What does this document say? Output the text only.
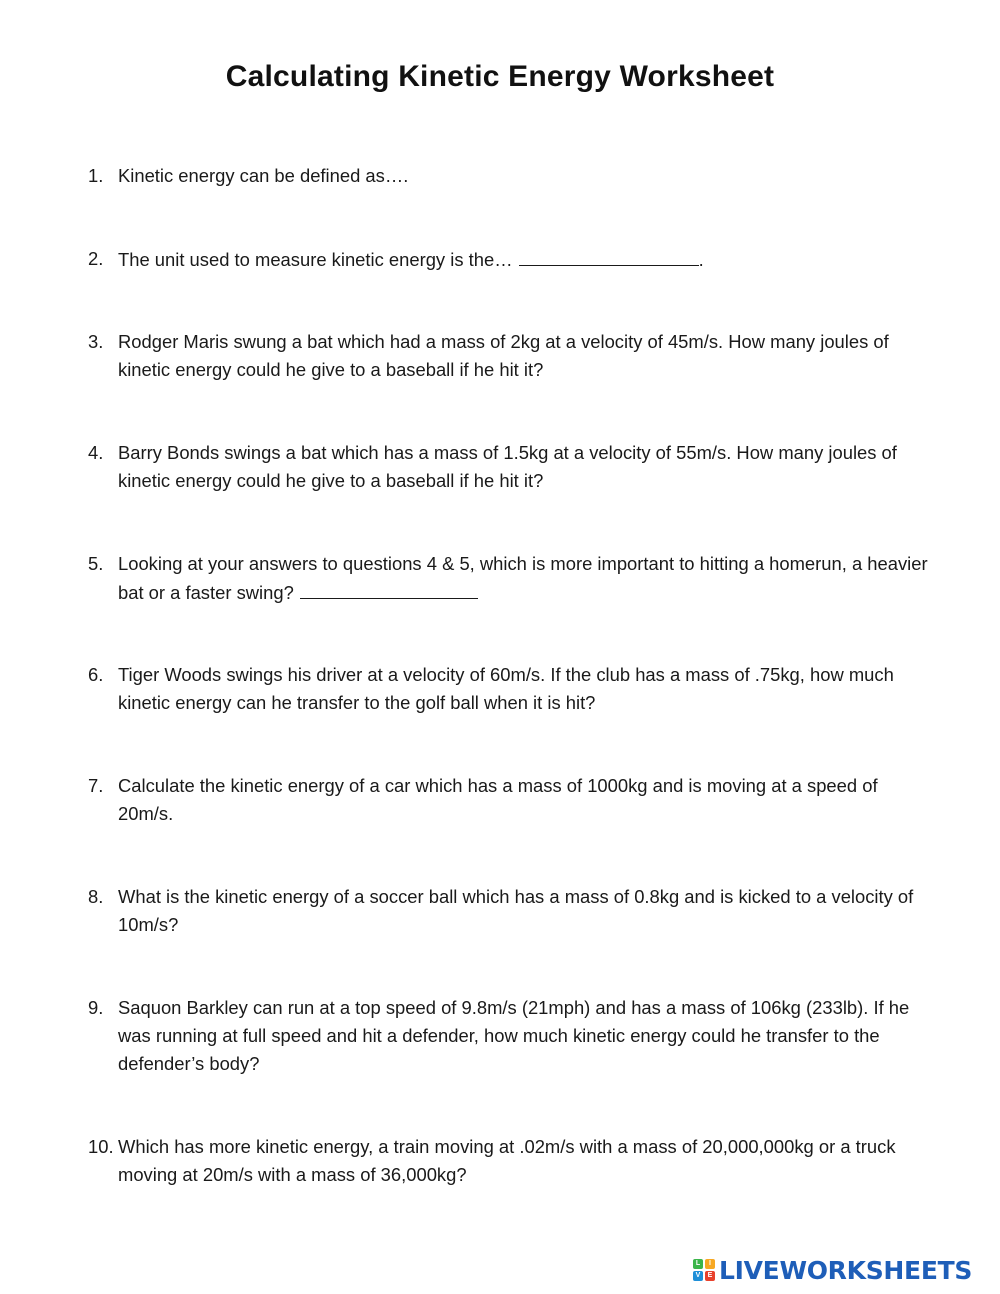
Calculating Kinetic Energy Worksheet
1. Kinetic energy can be defined as….
2. The unit used to measure kinetic energy is the…	.
3. Rodger Maris swung a bat which had a mass of 2kg at a velocity of 45m/s. How many joules of kinetic energy could he give to a baseball if he hit it?
4. Barry Bonds swings a bat which has a mass of 1.5kg at a velocity of 55m/s. How many joules of kinetic energy could he give to a baseball if he hit it?
5. Looking at your answers to questions 4 & 5, which is more important to hitting a homerun, a heavier bat or a faster swing?
6. Tiger Woods swings his driver at a velocity of 60m/s. If the club has a mass of .75kg, how much kinetic energy can he transfer to the golf ball when it is hit?
7. Calculate the kinetic energy of a car which has a mass of 1000kg and is moving at a speed of 20m/s.
8. What is the kinetic energy of a soccer ball which has a mass of 0.8kg and is kicked to a velocity of 10m/s?
9. Saquon Barkley can run at a top speed of 9.8m/s (21mph) and has a mass of 106kg (233lb). If he was running at full speed and hit a defender, how much kinetic energy could he transfer to the defender’s body?
10. Which has more kinetic energy, a train moving at .02m/s with a mass of 20,000,000kg or a truck moving at 20m/s with a mass of 36,000kg?
L	I
V	E LIVEWORKSHEETS
